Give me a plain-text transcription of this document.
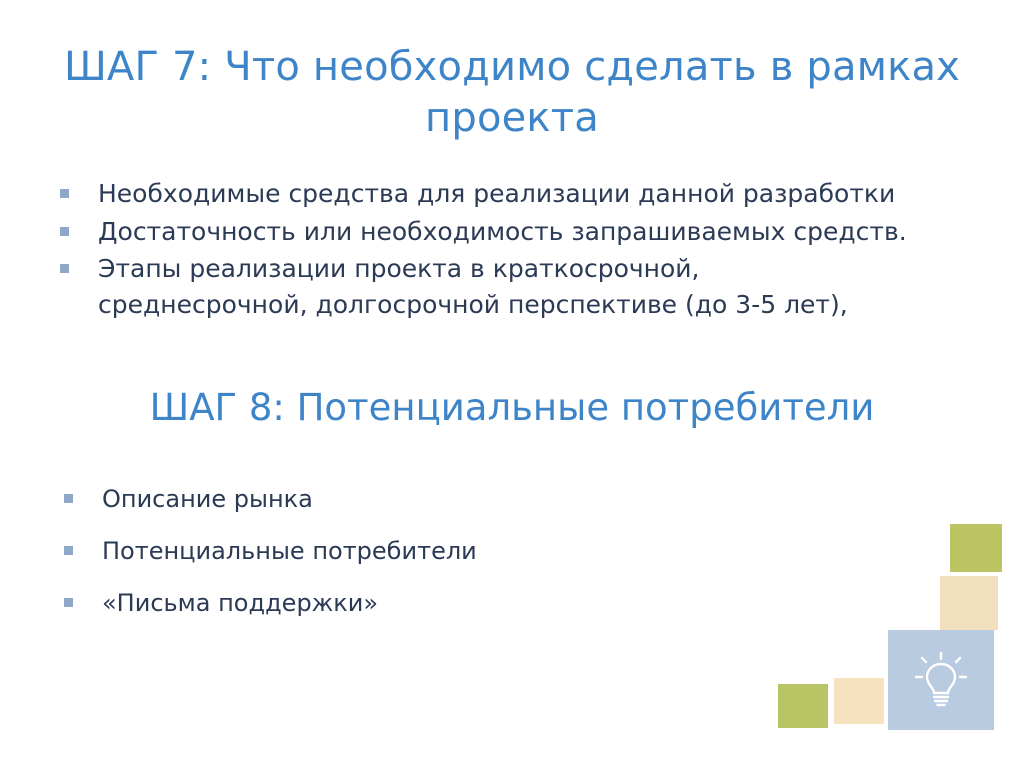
ШАГ 7: Что необходимо сделать в рамках проекта
Необходимые средства для реализации данной разработки
Достаточность или необходимость запрашиваемых средств.
Этапы реализации проекта в краткосрочной,
среднесрочной, долгосрочной перспективе (до 3-5 лет),
ШАГ 8: Потенциальные потребители
Описание рынка
Потенциальные потребители
«Письма поддержки»
